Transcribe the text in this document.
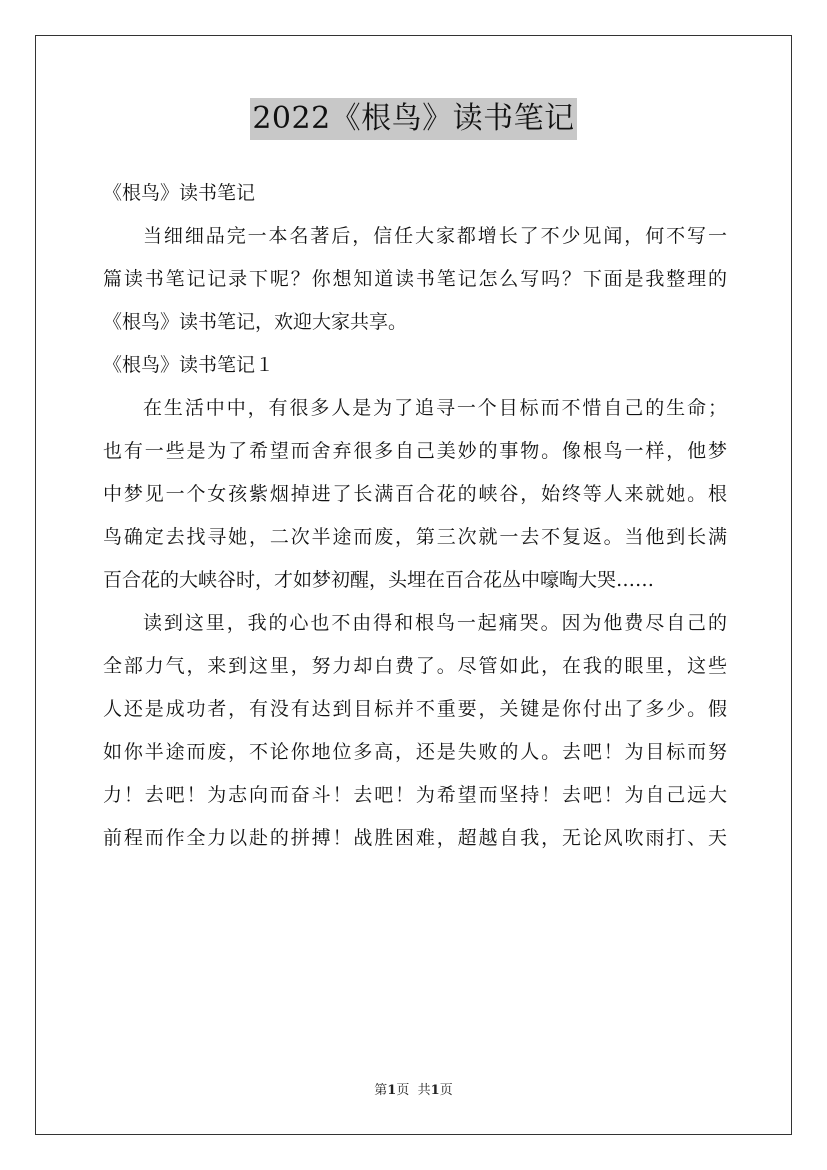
2022《根鸟》读书笔记
《根鸟》读书笔记
当细细品完一本名著后，信任大家都增长了不少见闻，何不写一
篇读书笔记记录下呢？你想知道读书笔记怎么写吗？下面是我整理的
《根鸟》读书笔记，欢迎大家共享。
《根鸟》读书笔记１
在生活中中，有很多人是为了追寻一个目标而不惜自己的生命；
也有一些是为了希望而舍弃很多自己美妙的事物。像根鸟一样，他梦
中梦见一个女孩紫烟掉进了长满百合花的峡谷，始终等人来就她。根
鸟确定去找寻她，二次半途而废，第三次就一去不复返。当他到长满
百合花的大峡谷时，才如梦初醒，头埋在百合花丛中嚎啕大哭……
读到这里，我的心也不由得和根鸟一起痛哭。因为他费尽自己的
全部力气，来到这里，努力却白费了。尽管如此，在我的眼里，这些
人还是成功者，有没有达到目标并不重要，关键是你付出了多少。假
如你半途而废，不论你地位多高，还是失败的人。去吧！为目标而努
力！去吧！为志向而奋斗！去吧！为希望而坚持！去吧！为自己远大
前程而作全力以赴的拼搏！战胜困难，超越自我，无论风吹雨打、天
第1页 共1页
